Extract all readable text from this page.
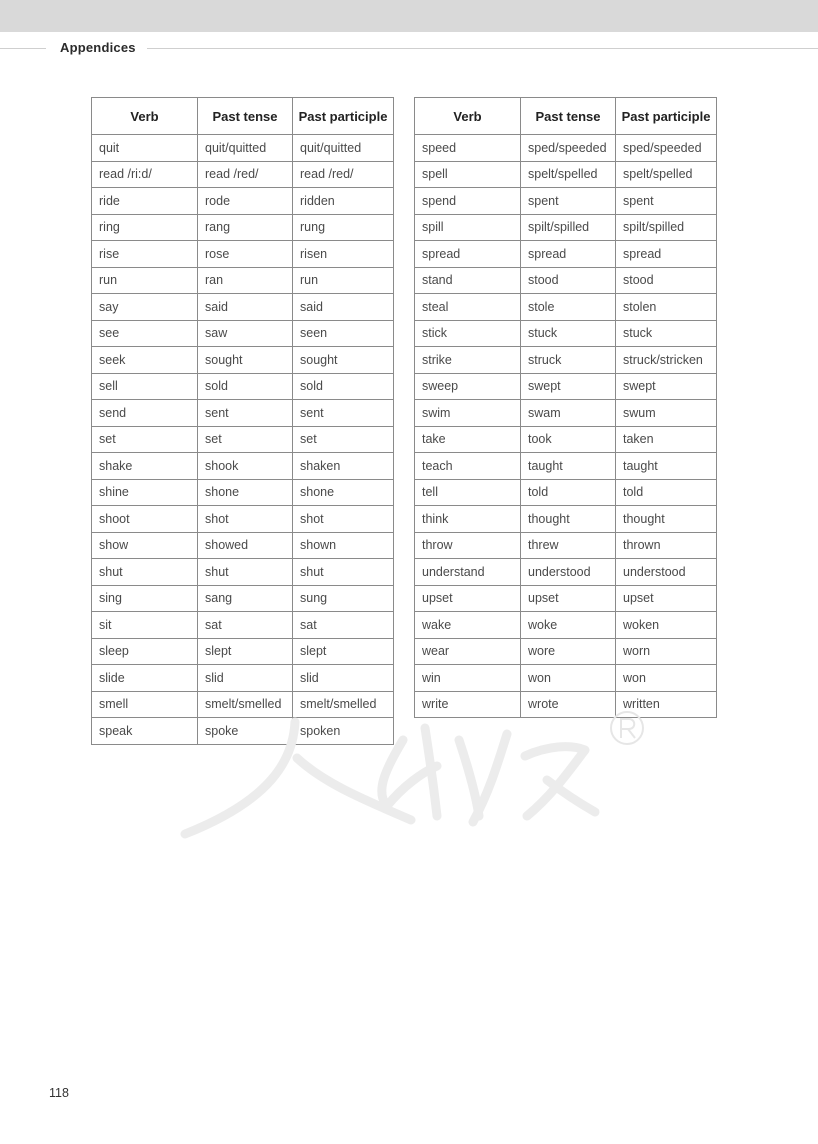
Appendices
Verb	Past tense	Past participle
quit	quit/quitted	quit/quitted
read /ri:d/	read /red/	read /red/
ride	rode	ridden
ring	rang	rung
rise	rose	risen
run	ran	run
say	said	said
see	saw	seen
seek	sought	sought
sell	sold	sold
send	sent	sent
set	set	set
shake	shook	shaken
shine	shone	shone
shoot	shot	shot
show	showed	shown
shut	shut	shut
sing	sang	sung
sit	sat	sat
sleep	slept	slept
slide	slid	slid
smell	smelt/smelled	smelt/smelled
speak	spoke	spoken
Verb	Past tense	Past participle
speed	sped/speeded	sped/speeded
spell	spelt/spelled	spelt/spelled
spend	spent	spent
spill	spilt/spilled	spilt/spilled
spread	spread	spread
stand	stood	stood
steal	stole	stolen
stick	stuck	stuck
strike	struck	struck/stricken
sweep	swept	swept
swim	swam	swum
take	took	taken
teach	taught	taught
tell	told	told
think	thought	thought
throw	threw	thrown
understand	understood	understood
upset	upset	upset
wake	woke	woken
wear	wore	worn
win	won	won
write	wrote	written
118
